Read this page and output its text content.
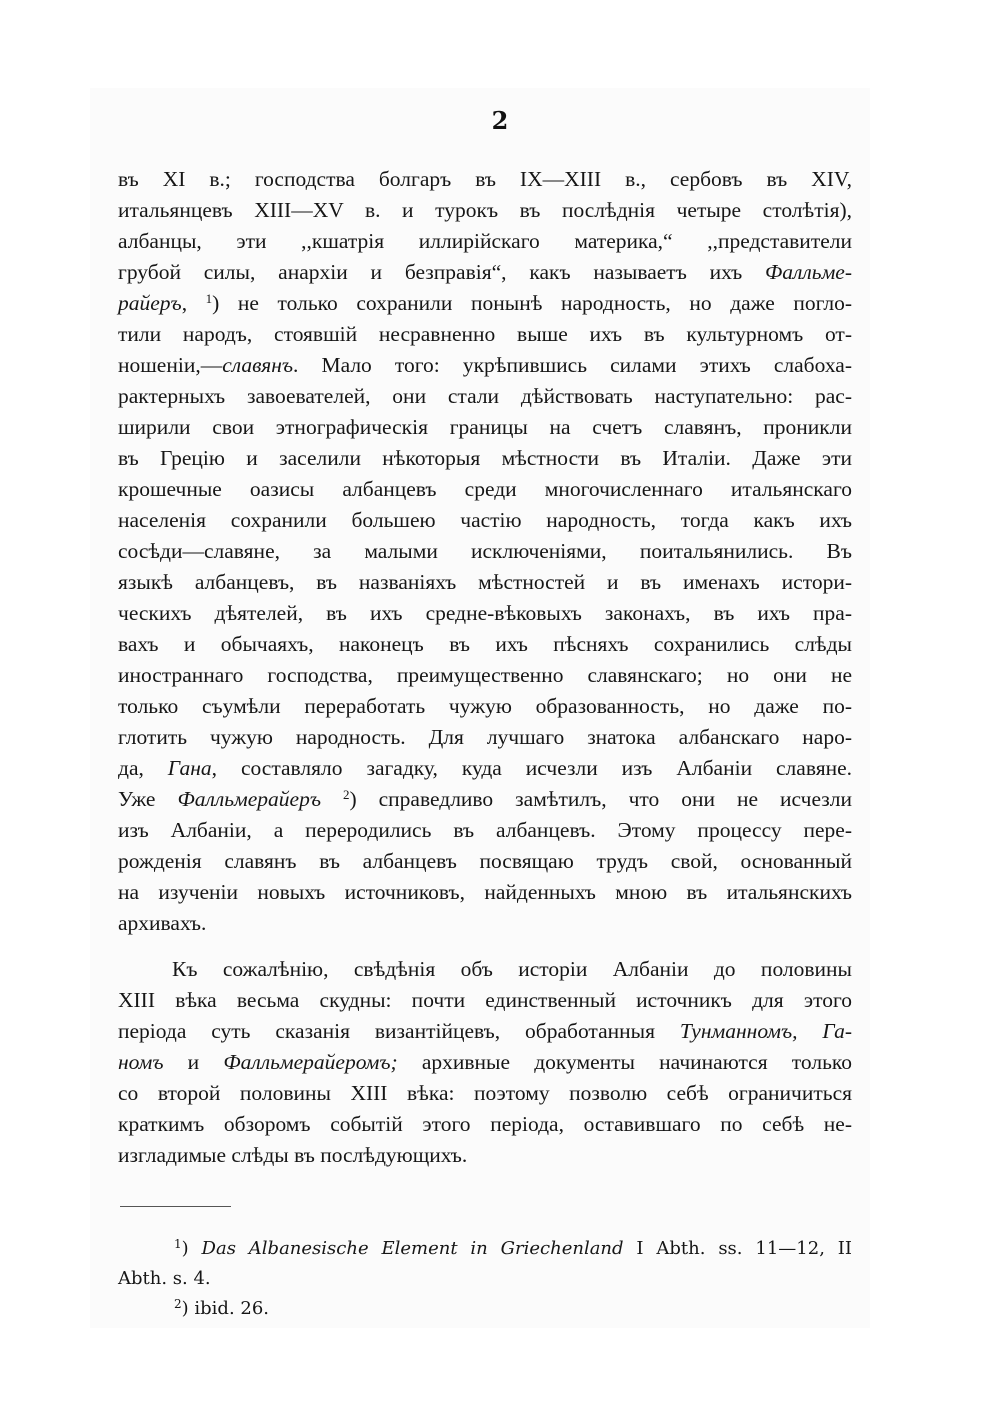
2
въ XI в.; господства болгаръ въ IX—XIII в., сербовъ въ XIV,
итальянцевъ XIII—XV в. и турокъ въ послѣднія четыре столѣтія),
албанцы, эти ,,кшатрія иллирійскаго материка,“ ,,представители
грубой силы, анархіи и безправія“, какъ называетъ ихъ Фалльме-
райеръ, $^1$) не только сохранили понынѣ народность, но даже погло-
тили народъ, стоявшій несравненно выше ихъ въ культурномъ от-
ношеніи,—славянъ. Мало того: укрѣпившись силами этихъ слабоха-
рактерныхъ завоевателей, они стали дѣйствовать наступательно: рас-
ширили свои этнографическія границы на счетъ славянъ, проникли
въ Грецію и заселили нѣкоторыя мѣстности въ Италіи. Даже эти
крошечные оазисы албанцевъ среди многочисленнаго итальянскаго
населенія сохранили большею частію народность, тогда какъ ихъ
сосѣди—славяне, за малыми исключеніями, поитальянились. Въ
языкѣ албанцевъ, въ названіяхъ мѣстностей и въ именахъ истори-
ческихъ дѣятелей, въ ихъ средне-вѣковыхъ законахъ, въ ихъ пра-
вахъ и обычаяхъ, наконецъ въ ихъ пѣсняхъ сохранились слѣды
иностраннаго господства, преимущественно славянскаго; но они не
только съумѣли переработать чужую образованность, но даже по-
глотить чужую народность. Для лучшаго знатока албанскаго наро-
да, Гана, составляло загадку, куда исчезли изъ Албаніи славяне.
Уже Фалльмерайеръ $^2$) справедливо замѣтилъ, что они не исчезли
изъ Албаніи, а переродились въ албанцевъ. Этому процессу пере-
рожденія славянъ въ албанцевъ посвящаю трудъ свой, основанный
на изученіи новыхъ источниковъ, найденныхъ мною въ итальянскихъ
архивахъ.
Къ сожалѣнію, свѣдѣнія объ исторіи Албаніи до половины
XIII вѣка весьма скудны: почти единственный источникъ для этого
періода суть сказанія византійцевъ, обработанныя Тунманномъ, Га-
номъ и Фалльмерайеромъ; архивные документы начинаются только
со второй половины XIII вѣка: поэтому позволю себѣ ограничиться
краткимъ обзоромъ событій этого періода, оставившаго по себѣ не-
изгладимые слѣды въ послѣдующихъ.
$^1$) Das Albanesische Element in Griechenland I Abth. ss. 11—12, II
Abth. s. 4.
$^2$) ibid. 26.
